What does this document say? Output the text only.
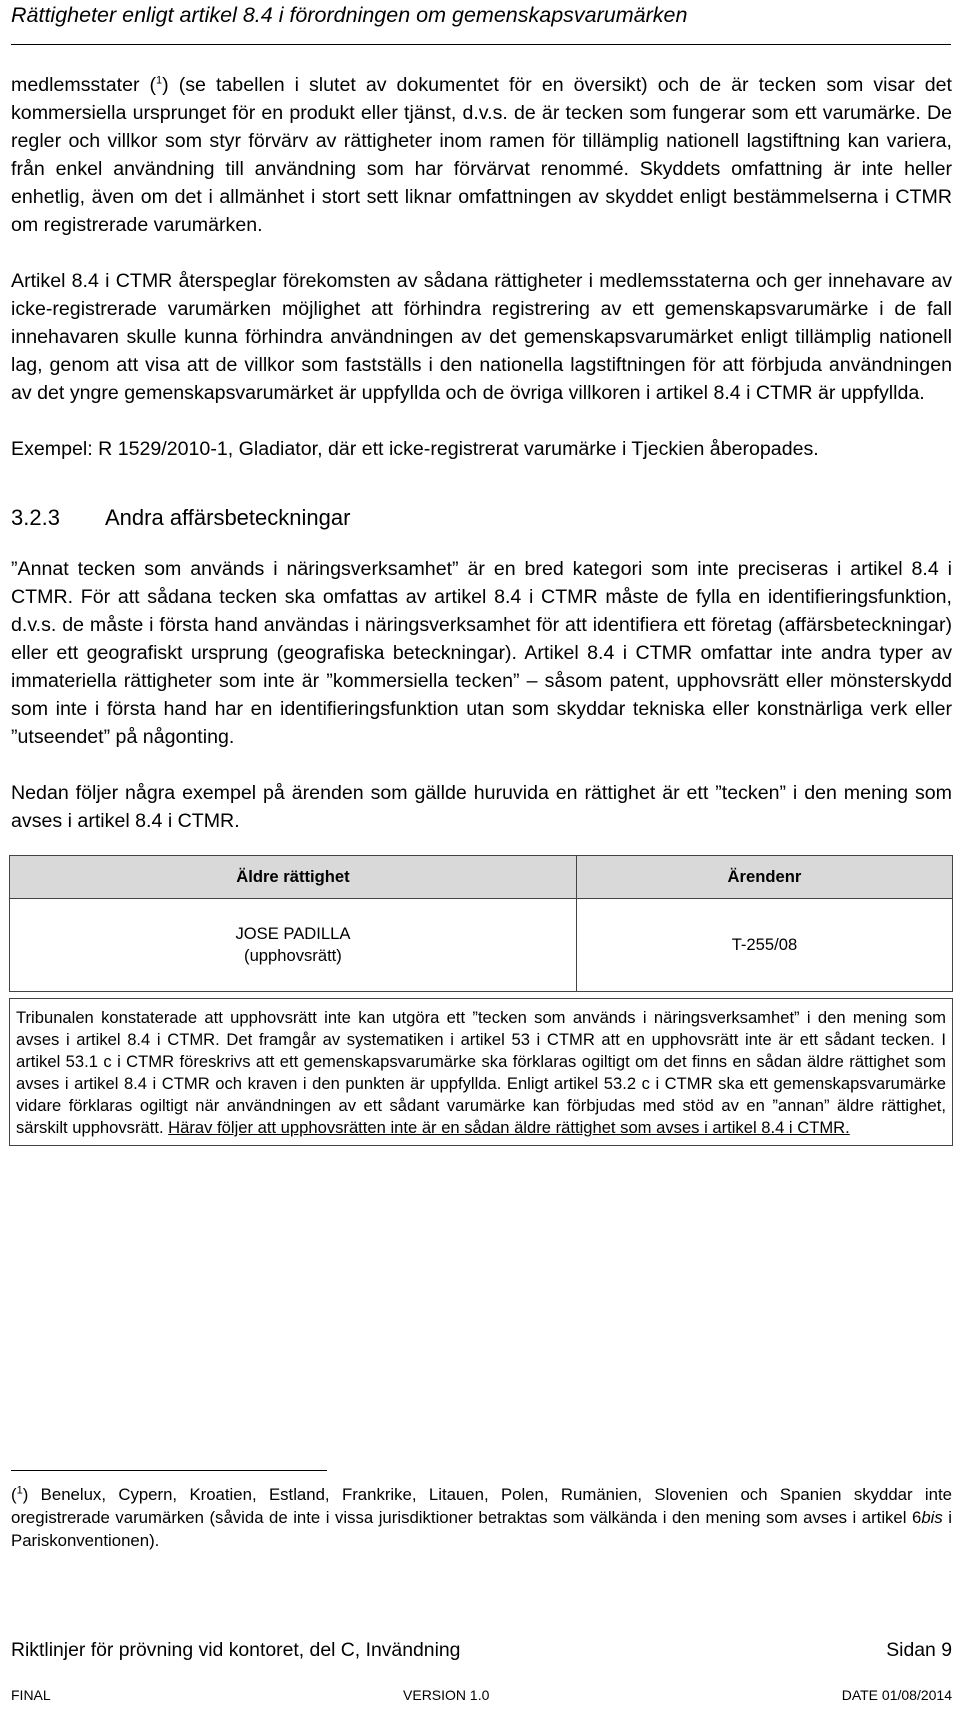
Rättigheter enligt artikel 8.4 i förordningen om gemenskapsvarumärken

medlemsstater ($^1$) (se tabellen i slutet av dokumentet för en översikt) och de är tecken som visar det kommersiella ursprunget för en produkt eller tjänst, d.v.s. de är tecken som fungerar som ett varumärke. De regler och villkor som styr förvärv av rättigheter inom ramen för tillämplig nationell lagstiftning kan variera, från enkel användning till användning som har förvärvat renommé. Skyddets omfattning är inte heller enhetlig, även om det i allmänhet i stort sett liknar omfattningen av skyddet enligt bestämmelserna i CTMR om registrerade varumärken.

Artikel 8.4 i CTMR återspeglar förekomsten av sådana rättigheter i medlemsstaterna och ger innehavare av icke-registrerade varumärken möjlighet att förhindra registrering av ett gemenskapsvarumärke i de fall innehavaren skulle kunna förhindra användningen av det gemenskapsvarumärket enligt tillämplig nationell lag, genom att visa att de villkor som fastställs i den nationella lagstiftningen för att förbjuda användningen av det yngre gemenskapsvarumärket är uppfyllda och de övriga villkoren i artikel 8.4 i CTMR är uppfyllda.

Exempel: R 1529/2010-1, Gladiator, där ett icke-registrerat varumärke i Tjeckien åberopades.

3.2.3	Andra affärsbeteckningar

”Annat tecken som används i näringsverksamhet” är en bred kategori som inte preciseras i artikel 8.4 i CTMR. För att sådana tecken ska omfattas av artikel 8.4 i CTMR måste de fylla en identifieringsfunktion, d.v.s. de måste i första hand användas i näringsverksamhet för att identifiera ett företag (affärsbeteckningar) eller ett geografiskt ursprung (geografiska beteckningar). Artikel 8.4 i CTMR omfattar inte andra typer av immateriella rättigheter som inte är ”kommersiella tecken” – såsom patent, upphovsrätt eller mönsterskydd som inte i första hand har en identifieringsfunktion utan som skyddar tekniska eller konstnärliga verk eller ”utseendet” på någonting.

Nedan följer några exempel på ärenden som gällde huruvida en rättighet är ett ”tecken” i den mening som avses i artikel 8.4 i CTMR.

Äldre rättighet	Ärendenr

JOSE PADILLA
(upphovsrätt)	T-255/08

Tribunalen konstaterade att upphovsrätt inte kan utgöra ett ”tecken som används i näringsverksamhet” i den mening som avses i artikel 8.4 i CTMR. Det framgår av systematiken i artikel 53 i CTMR att en upphovsrätt inte är ett sådant tecken. I artikel 53.1 c i CTMR föreskrivs att ett gemenskapsvarumärke ska förklaras ogiltigt om det finns en sådan äldre rättighet som avses i artikel 8.4 i CTMR och kraven i den punkten är uppfyllda. Enligt artikel 53.2 c i CTMR ska ett gemenskapsvarumärke vidare förklaras ogiltigt när användningen av ett sådant varumärke kan förbjudas med stöd av en ”annan” äldre rättighet, särskilt upphovsrätt. Härav följer att upphovsrätten inte är en sådan äldre rättighet som avses i artikel 8.4 i CTMR.	
($^1$) Benelux, Cypern, Kroatien, Estland, Frankrike, Litauen, Polen, Rumänien, Slovenien och Spanien skyddar inte oregistrerade varumärken (såvida de inte i vissa jurisdiktioner betraktas som välkända i den mening som avses i artikel 6bis i Pariskonventionen).
Riktlinjer för prövning vid kontoret, del C, Invändning	Sidan 9
FINAL	VERSION 1.0	DATE 01/08/2014
